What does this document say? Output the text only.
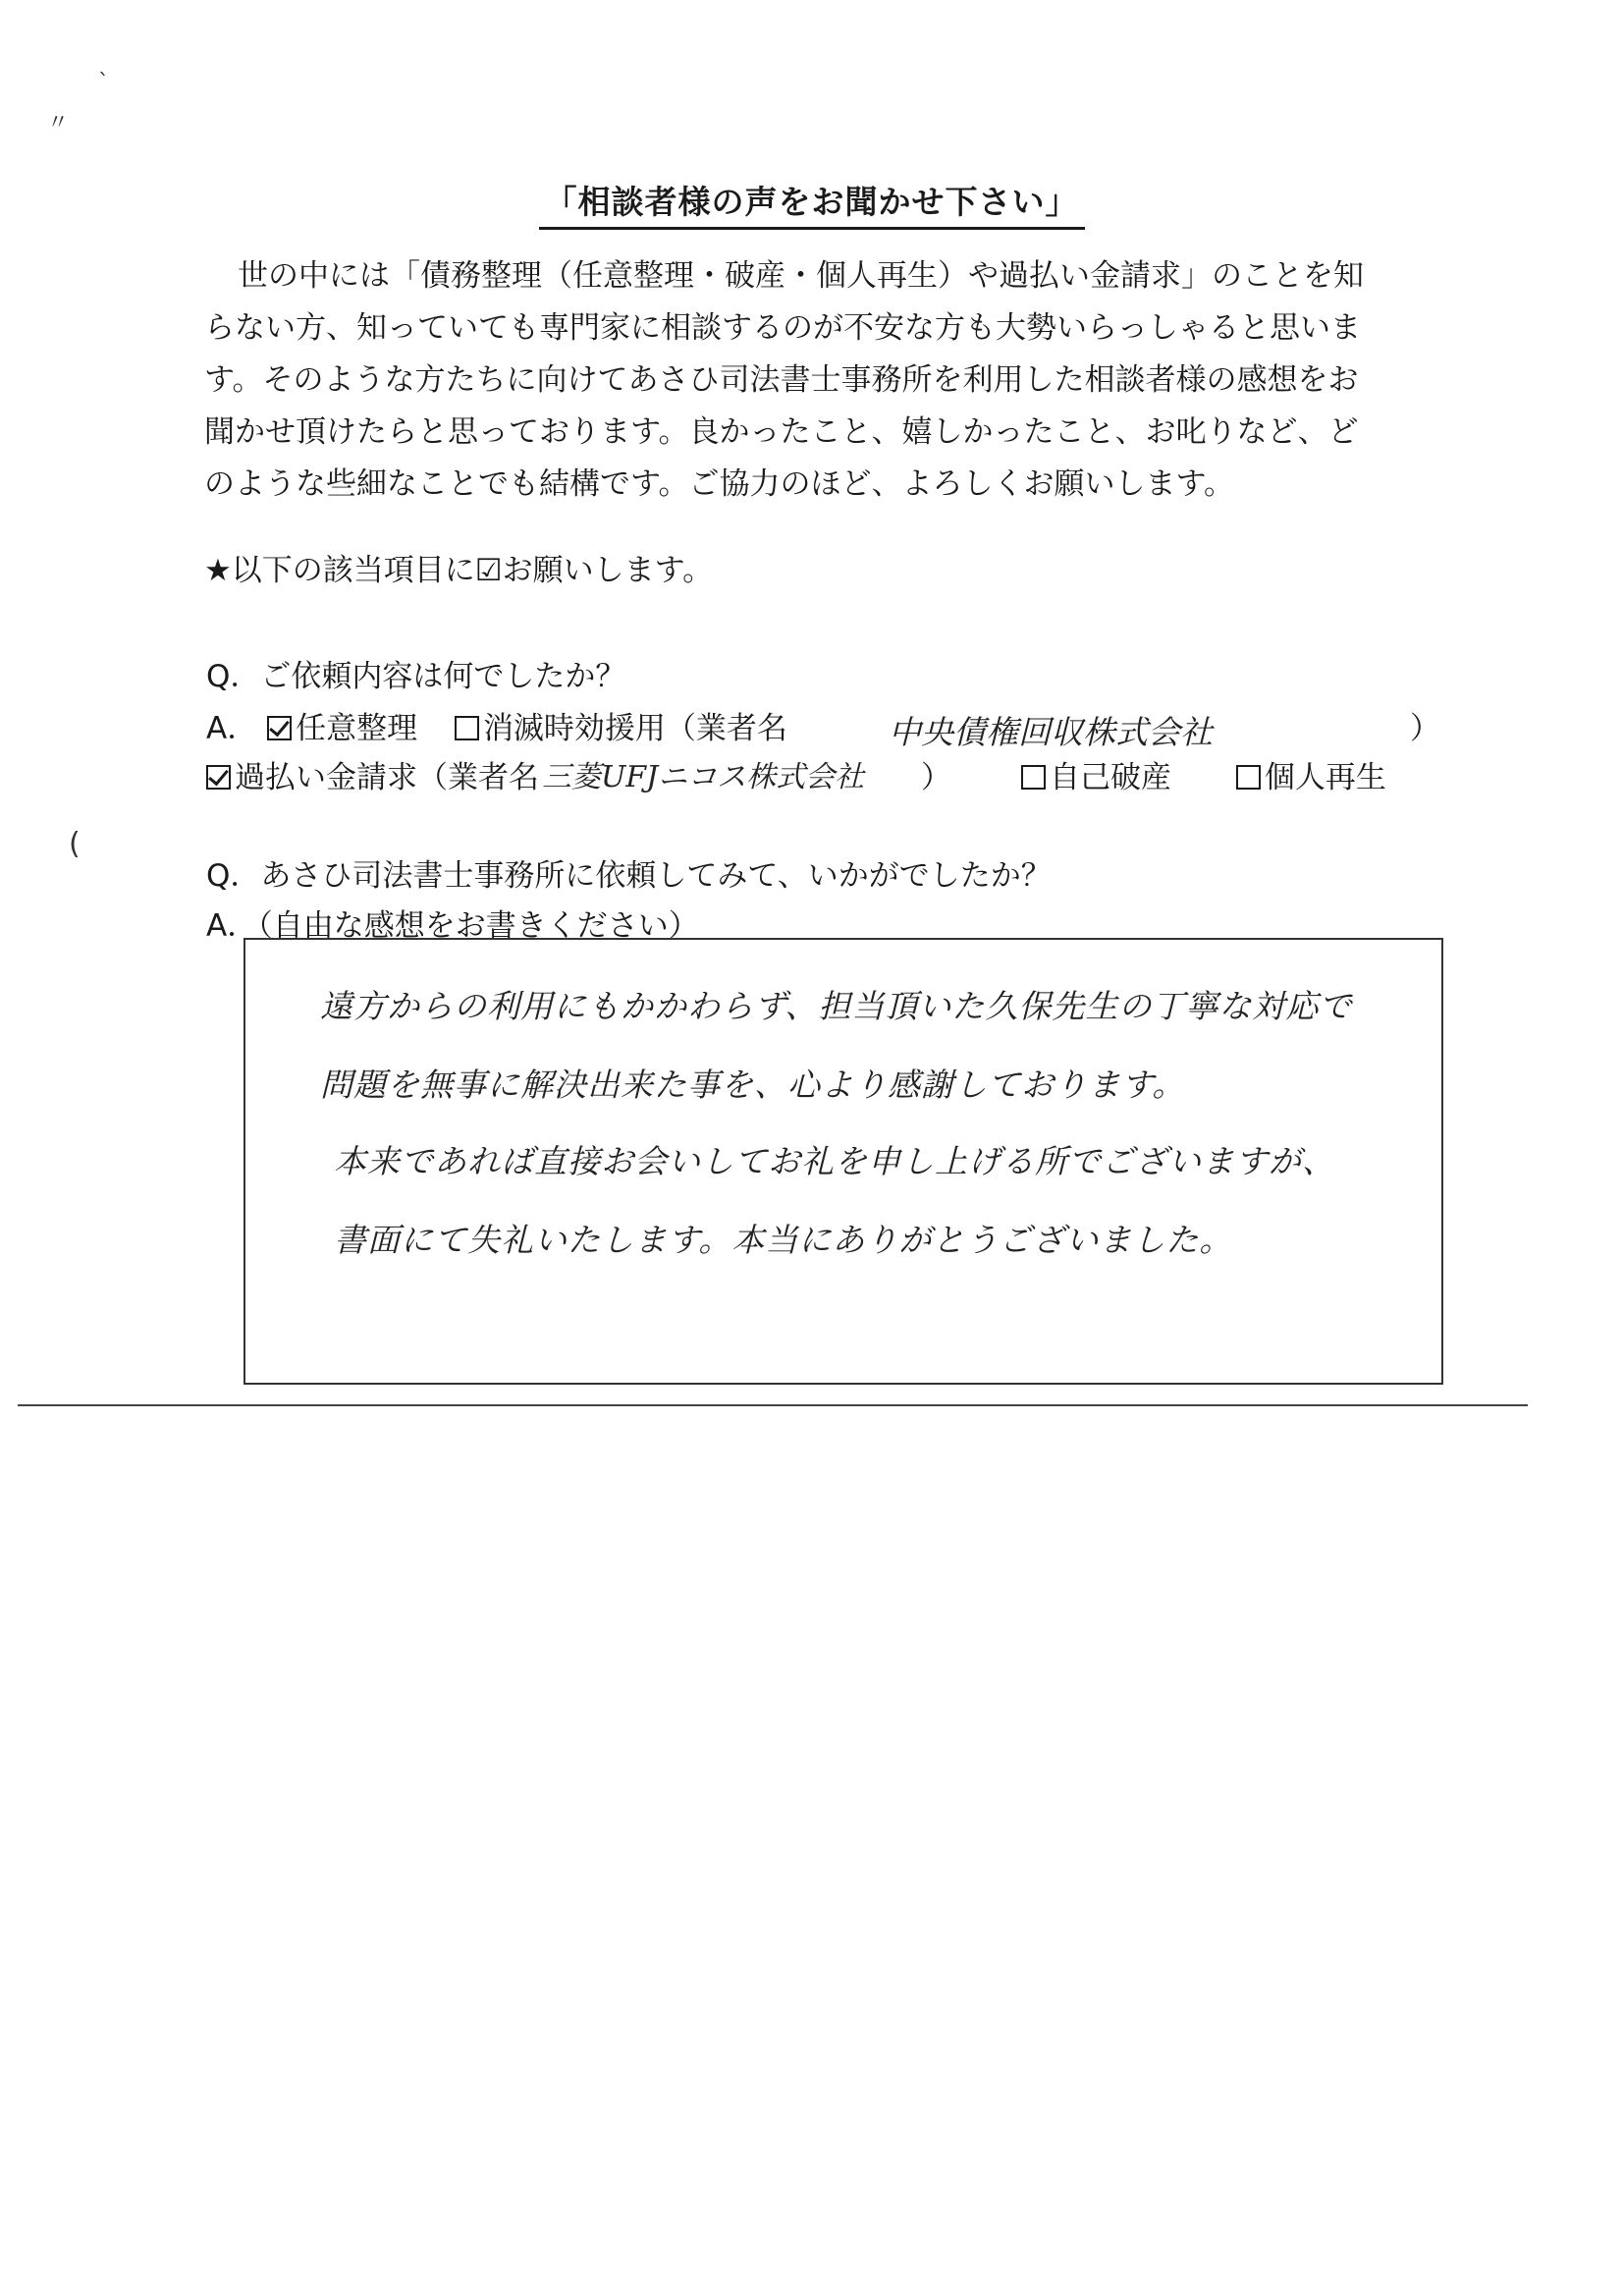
〃
`
(
「相談者様の声をお聞かせ下さい」
世の中には「債務整理（任意整理・破産・個人再生）や過払い金請求」のことを知
らない方、知っていても専門家に相談するのが不安な方も大勢いらっしゃると思いま
す。そのような方たちに向けてあさひ司法書士事務所を利用した相談者様の感想をお
聞かせ頂けたらと思っております。良かったこと、嬉しかったこと、お叱りなど、ど
のような些細なことでも結構です。ご協力のほど、よろしくお願いします。
★以下の該当項目に☑お願いします。
Q．ご依頼内容は何でしたか？
A． 任意整理 消滅時効援用（業者名	）
中央債権回収株式会社
過払い金請求（業者名 三菱UFJニコス株式会社 ）	自己破産	個人再生
Q．あさひ司法書士事務所に依頼してみて、いかがでしたか？
A．（自由な感想をお書きください）
遠方からの利用にもかかわらず、担当頂いた久保先生の丁寧な対応で
問題を無事に解決出来た事を、心より感謝しております。
本来であれば直接お会いしてお礼を申し上げる所でございますが、
書面にて失礼いたします。本当にありがとうございました。
